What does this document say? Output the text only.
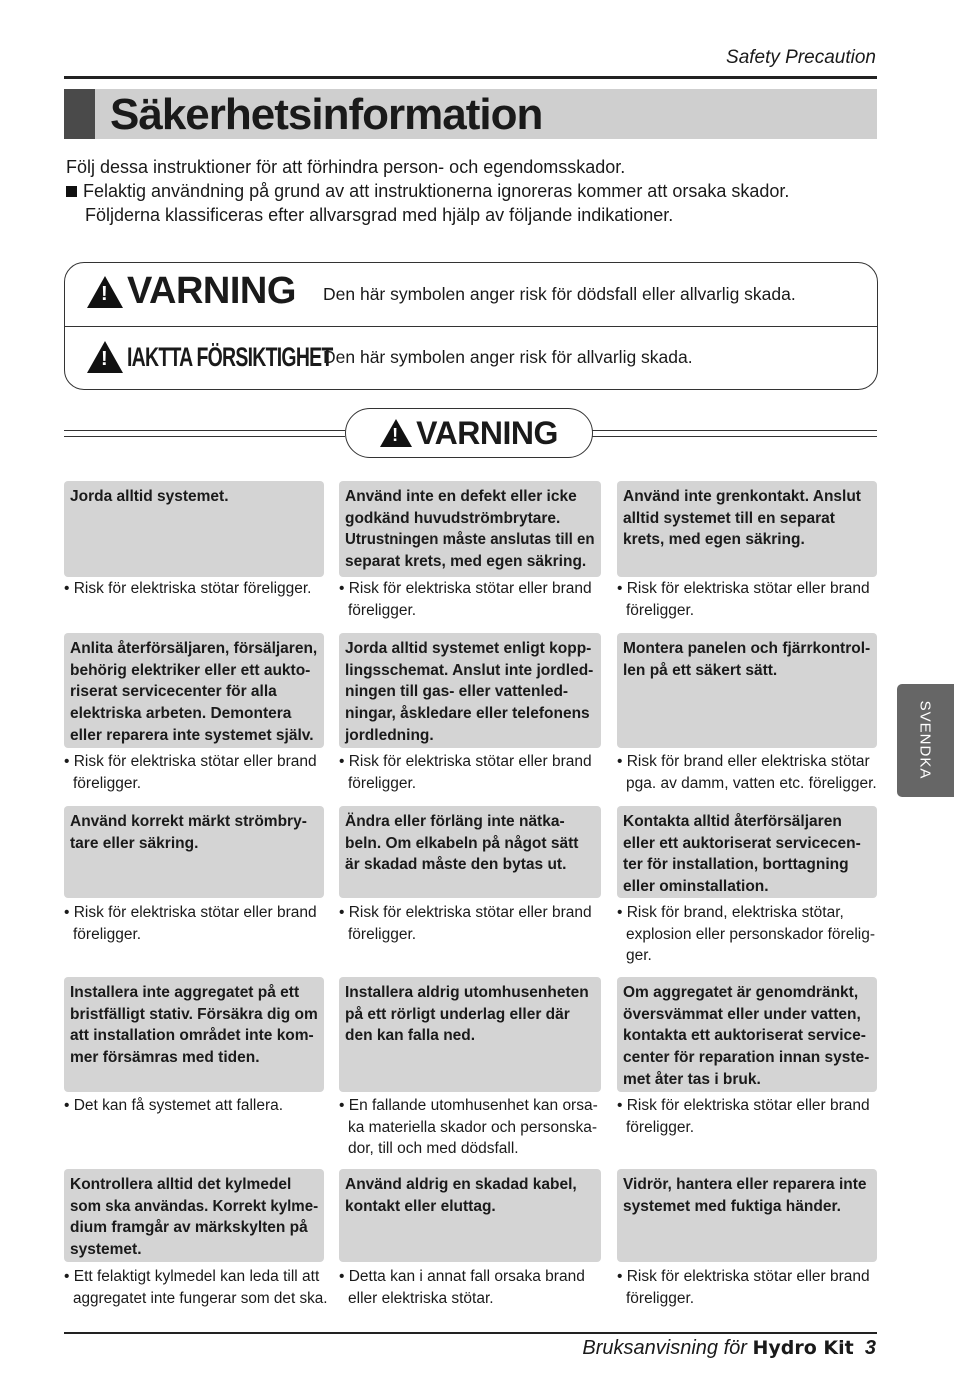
Safety Precaution
Säkerhetsinformation
Följ dessa instruktioner för att förhindra person- och egendomsskador.
Felaktig användning på grund av att instruktionerna ignoreras kommer att orsaka skador.
Följderna klassificeras efter allvarsgrad med hjälp av följande indikationer.
!
VARNING Den här symbolen anger risk för dödsfall eller allvarlig skada.
!
IAKTTA FÖRSIKTIGHET
Den här symbolen anger risk för allvarlig skada.
!
VARNING
Jorda alltid systemet.
• Risk för elektriska stötar föreligger.
Använd inte en defekt eller icke
godkänd huvudströmbrytare.
Utrustningen måste anslutas till en
separat krets, med egen säkring.
• Risk för elektriska stötar eller brand
föreligger.
Använd inte grenkontakt. Anslut
alltid systemet till en separat
krets, med egen säkring.
• Risk för elektriska stötar eller brand
föreligger.
Anlita återförsäljaren, försäljaren,
behörig elektriker eller ett aukto-
riserat servicecenter för alla
elektriska arbeten. Demontera
eller reparera inte systemet själv.
• Risk för elektriska stötar eller brand
föreligger.
Jorda alltid systemet enligt kopp-
lingsschemat. Anslut inte jordled-
ningen till gas- eller vattenled-
ningar, åskledare eller telefonens
jordledning.
• Risk för elektriska stötar eller brand
föreligger.
Montera panelen och fjärrkontrol-
len på ett säkert sätt.
• Risk för brand eller elektriska stötar
pga. av damm, vatten etc. föreligger.
Använd korrekt märkt strömbry-
tare eller säkring.
• Risk för elektriska stötar eller brand
föreligger.
Ändra eller förläng inte nätka-
beln. Om elkabeln på något sätt
är skadad måste den bytas ut.
• Risk för elektriska stötar eller brand
föreligger.
Kontakta alltid återförsäljaren
eller ett auktoriserat servicecen-
ter för installation, borttagning
eller ominstallation.
• Risk för brand, elektriska stötar,
explosion eller personskador förelig-
ger.
Installera inte aggregatet på ett
bristfälligt stativ. Försäkra dig om
att installation området inte kom-
mer försämras med tiden.
• Det kan få systemet att fallera.
Installera aldrig utomhusenheten
på ett rörligt underlag eller där
den kan falla ned.
• En fallande utomhusenhet kan orsa-
ka materiella skador och personska-
dor, till och med dödsfall.
Om aggregatet är genomdränkt,
översvämmat eller under vatten,
kontakta ett auktoriserat service-
center för reparation innan syste-
met åter tas i bruk.
• Risk för elektriska stötar eller brand
föreligger.
Kontrollera alltid det kylmedel
som ska användas. Korrekt kylme-
dium framgår av märkskylten på
systemet.
• Ett felaktigt kylmedel kan leda till att
aggregatet inte fungerar som det ska.
Använd aldrig en skadad kabel,
kontakt eller eluttag.
• Detta kan i annat fall orsaka brand
eller elektriska stötar.
Vidrör, hantera eller reparera inte
systemet med fuktiga händer.
• Risk för elektriska stötar eller brand
föreligger.
SVENDKA
Bruksanvisning för Hydro Kit 3
